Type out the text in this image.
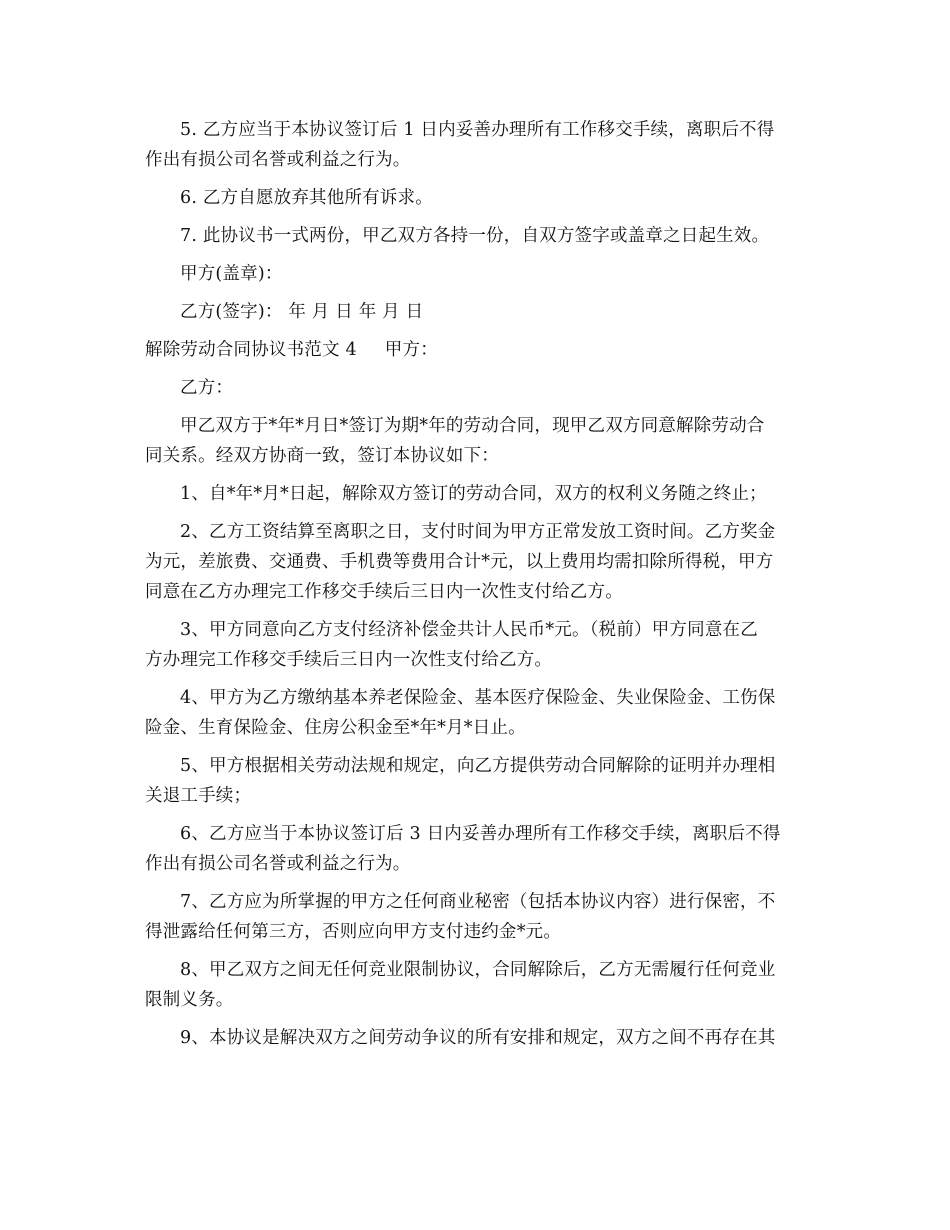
5. 乙方应当于本协议签订后 1 日内妥善办理所有工作移交手续，离职后不得
作出有损公司名誉或利益之行为。
6. 乙方自愿放弃其他所有诉求。
7. 此协议书一式两份，甲乙双方各持一份，自双方签字或盖章之日起生效。
甲方(盖章)：
乙方(签字)： 年 月 日 年 月 日
解除劳动合同协议书范文 4 甲方：
乙方：
甲乙双方于*年*月日*签订为期*年的劳动合同，现甲乙双方同意解除劳动合
同关系。经双方协商一致，签订本协议如下：
1、自*年*月*日起，解除双方签订的劳动合同，双方的权利义务随之终止；
2、乙方工资结算至离职之日，支付时间为甲方正常发放工资时间。乙方奖金
为元，差旅费、交通费、手机费等费用合计*元，以上费用均需扣除所得税，甲方
同意在乙方办理完工作移交手续后三日内一次性支付给乙方。
3、甲方同意向乙方支付经济补偿金共计人民币*元。（税前）甲方同意在乙
方办理完工作移交手续后三日内一次性支付给乙方。
4、甲方为乙方缴纳基本养老保险金、基本医疗保险金、失业保险金、工伤保
险金、生育保险金、住房公积金至*年*月*日止。
5、甲方根据相关劳动法规和规定，向乙方提供劳动合同解除的证明并办理相
关退工手续；
6、乙方应当于本协议签订后 3 日内妥善办理所有工作移交手续，离职后不得
作出有损公司名誉或利益之行为。
7、乙方应为所掌握的甲方之任何商业秘密（包括本协议内容）进行保密，不
得泄露给任何第三方，否则应向甲方支付违约金*元。
8、甲乙双方之间无任何竞业限制协议，合同解除后，乙方无需履行任何竞业
限制义务。
9、本协议是解决双方之间劳动争议的所有安排和规定，双方之间不再存在其
